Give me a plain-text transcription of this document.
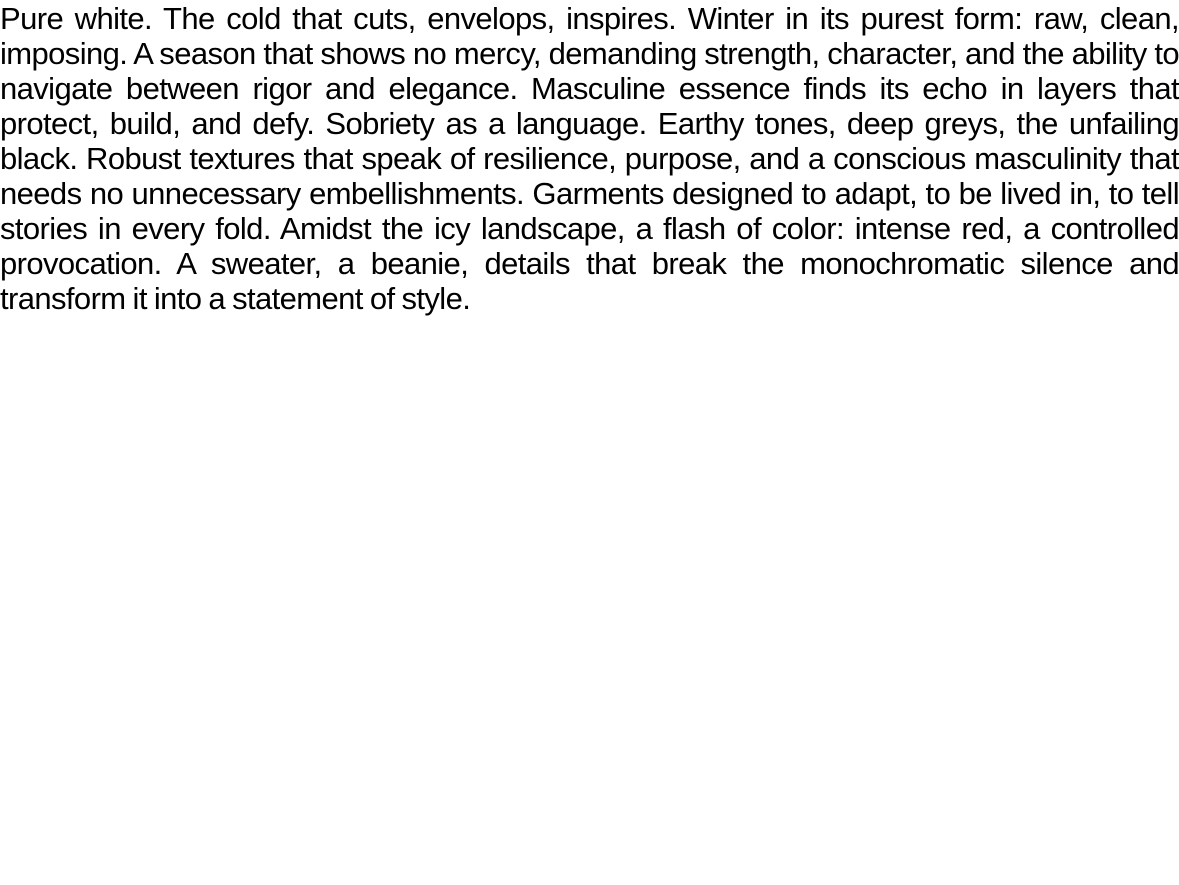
Pure white. The cold that cuts, envelops, inspires. Winter in its purest form: raw, clean, imposing. A season that shows no mercy, demanding strength, character, and the ability to navigate between rigor and elegance. Masculine essence finds its echo in layers that protect, build, and defy. Sobriety as a language. Earthy tones, deep greys, the unfailing black. Robust textures that speak of resilience, purpose, and a conscious masculinity that needs no unnecessary embellishments. Garments designed to adapt, to be lived in, to tell stories in every fold. Amidst the icy landscape, a flash of color: intense red, a controlled provocation. A sweater, a beanie, details that break the monochromatic silence and transform it into a statement of style.
